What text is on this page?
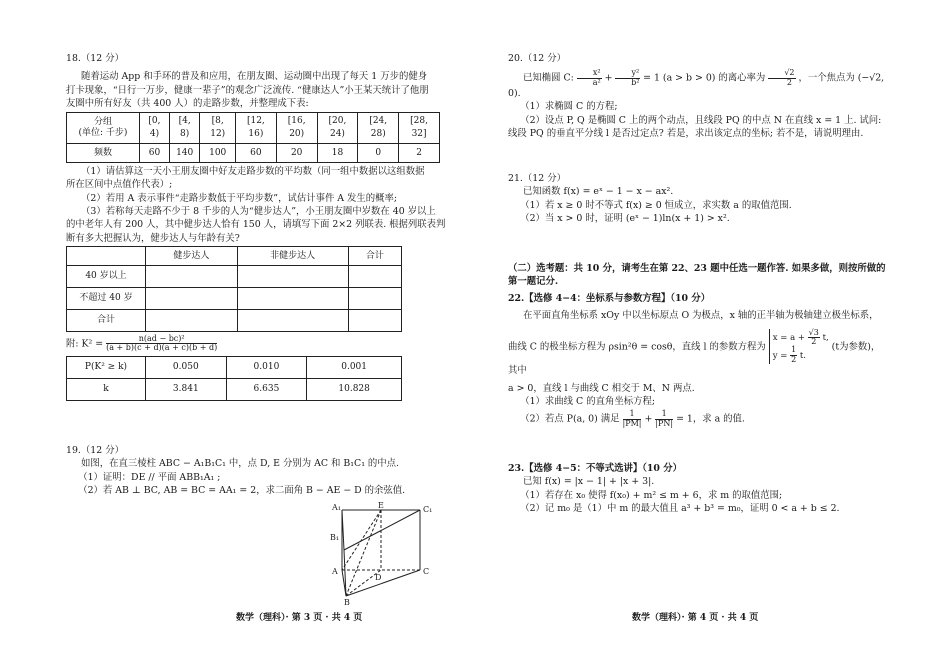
18.（12 分）

随着运动 App 和手环的普及和应用，在朋友圈、运动圈中出现了每天 1 万步的健身

打卡现象，“日行一万步，健康一辈子”的观念广泛流传. “健康达人”小王某天统计了他朋

友圈中所有好友（共 400 人）的走路步数，并整理成下表:

分组
(单位: 千步)	[0, 4)	[4, 8)	[8, 12)	[12, 16)	[16, 20)	[20, 24)	[24, 28)	[28, 32]
频数	60	140	100	60	20	18	0	2

（1）请估算这一天小王朋友圈中好友走路步数的平均数（同一组中数据以这组数据

所在区间中点值作代表）;

（2）若用 A 表示事件“走路步数低于平均步数”，试估计事件 A 发生的概率;

（3）若称每天走路不少于 8 千步的人为“健步达人”，小王朋友圈中岁数在 40 岁以上

的中老年人有 200 人，其中健步达人恰有 150 人，请填写下面 2×2 列联表. 根据列联表判

断有多大把握认为，健步达人与年龄有关?

	健步达人	非健步达人	合计
40 岁以上			
不超过 40 岁			
合计			

附: $K^2 = \frac{\text{n(ad − bc)²}}{(a + b)(c + d)(a + c)(b + d)}$

P(K² ≥ k)	0.050	0.010	0.001
k	3.841	6.635	10.828

19.（12 分）

如图，在直三棱柱 ABC − A₁B₁C₁ 中，点 D, E 分别为 AC 和 B₁C₁ 的中点.

（1）证明：DE // 平面 ABB₁A₁ ;

（2）若 AB ⊥ BC, AB = BC = AA₁ = 2，求二面角 B − AE − D 的余弦值.

A₁	C₁
B₁
E
A	C
D
B
数学（理科）· 第 3 页 · 共 4 页

20.（12 分）

已知椭圆 C: $\frac{\text{x²}}{\text{a²}} + \frac{\text{y²}}{\text{b²}} = 1$ (a > b > 0) 的离心率为 $\frac{√2}{2}$ ，一个焦点为 (−√2, 0).

（1）求椭圆 C 的方程;

（2）设点 P, Q 是椭圆 C 上的两个动点，且线段 PQ 的中点 N 在直线 x = 1 上. 试问:

线段 PQ 的垂直平分线 l 是否过定点? 若是，求出该定点的坐标; 若不是，请说明理由.

21.（12 分）

已知函数 f(x) = eˣ − 1 − x − ax².

（1）若 x ≥ 0 时不等式 f(x) ≥ 0 恒成立，求实数 a 的取值范围.

（2）当 x > 0 时，证明 (eˣ − 1)ln(x + 1) > x².

（二）选考题：共 10 分，请考生在第 22、23 题中任选一题作答. 如果多做，则按所做的

第一题记分.

22.【选修 4−4：坐标系与参数方程】（10 分）

在平面直角坐标系 xOy 中以坐标原点 O 为极点，x 轴的正半轴为极轴建立极坐标系，

曲线 C 的极坐标方程为 ρsin²θ = cosθ，直线 l 的参数方程为 $x = a + \frac{√3}{2} t$,
$y = \frac{1}{2} t$. (t为参数)，其中

a > 0，直线 l 与曲线 C 相交于 M、N 两点.

（1）求曲线 C 的直角坐标方程;

（2）若点 P(a, 0) 满足 $\frac{1}{|PM|} + \frac{1}{|PN|} = 1$，求 a 的值.

23.【选修 4−5：不等式选讲】（10 分）

已知 f(x) = |x − 1| + |x + 3|.

（1）若存在 x₀ 使得 f(x₀) + m² ≤ m + 6，求 m 的取值范围;

（2）记 m₀ 是（1）中 m 的最大值且 a³ + b³ = m₀，证明 0 < a + b ≤ 2.

数学（理科）· 第 4 页 · 共 4 页
